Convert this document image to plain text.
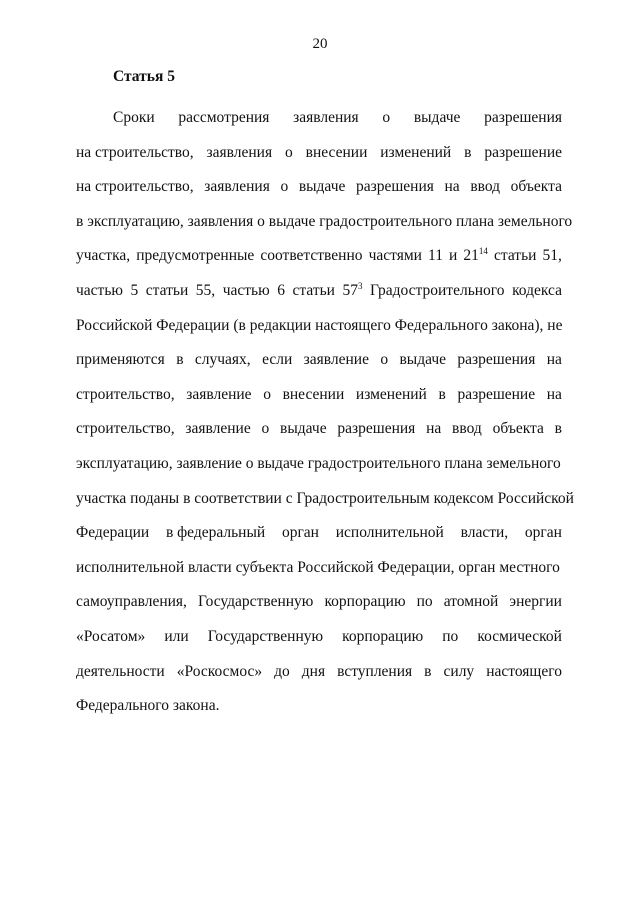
20
Статья 5
Сроки рассмотрения заявления о выдаче разрешения
на строительство, заявления о внесении изменений в разрешение
на строительство, заявления о выдаче разрешения на ввод объекта
в эксплуатацию, заявления о выдаче градостроительного плана земельного
участка, предусмотренные соответственно частями 11 и $21^{14}$ статьи 51,
частью 5 статьи 55, частью 6 статьи $57^3$ Градостроительного кодекса
Российской Федерации (в редакции настоящего Федерального закона), не
применяются в случаях, если заявление о выдаче разрешения на
строительство, заявление о внесении изменений в разрешение на
строительство, заявление о выдаче разрешения на ввод объекта в
эксплуатацию, заявление о выдаче градостроительного плана земельного
участка поданы в соответствии с Градостроительным кодексом Российской
Федерации в федеральный орган исполнительной власти, орган
исполнительной власти субъекта Российской Федерации, орган местного
самоуправления, Государственную корпорацию по атомной энергии
«Росатом» или Государственную корпорацию по космической
деятельности «Роскосмос» до дня вступления в силу настоящего
Федерального закона.
